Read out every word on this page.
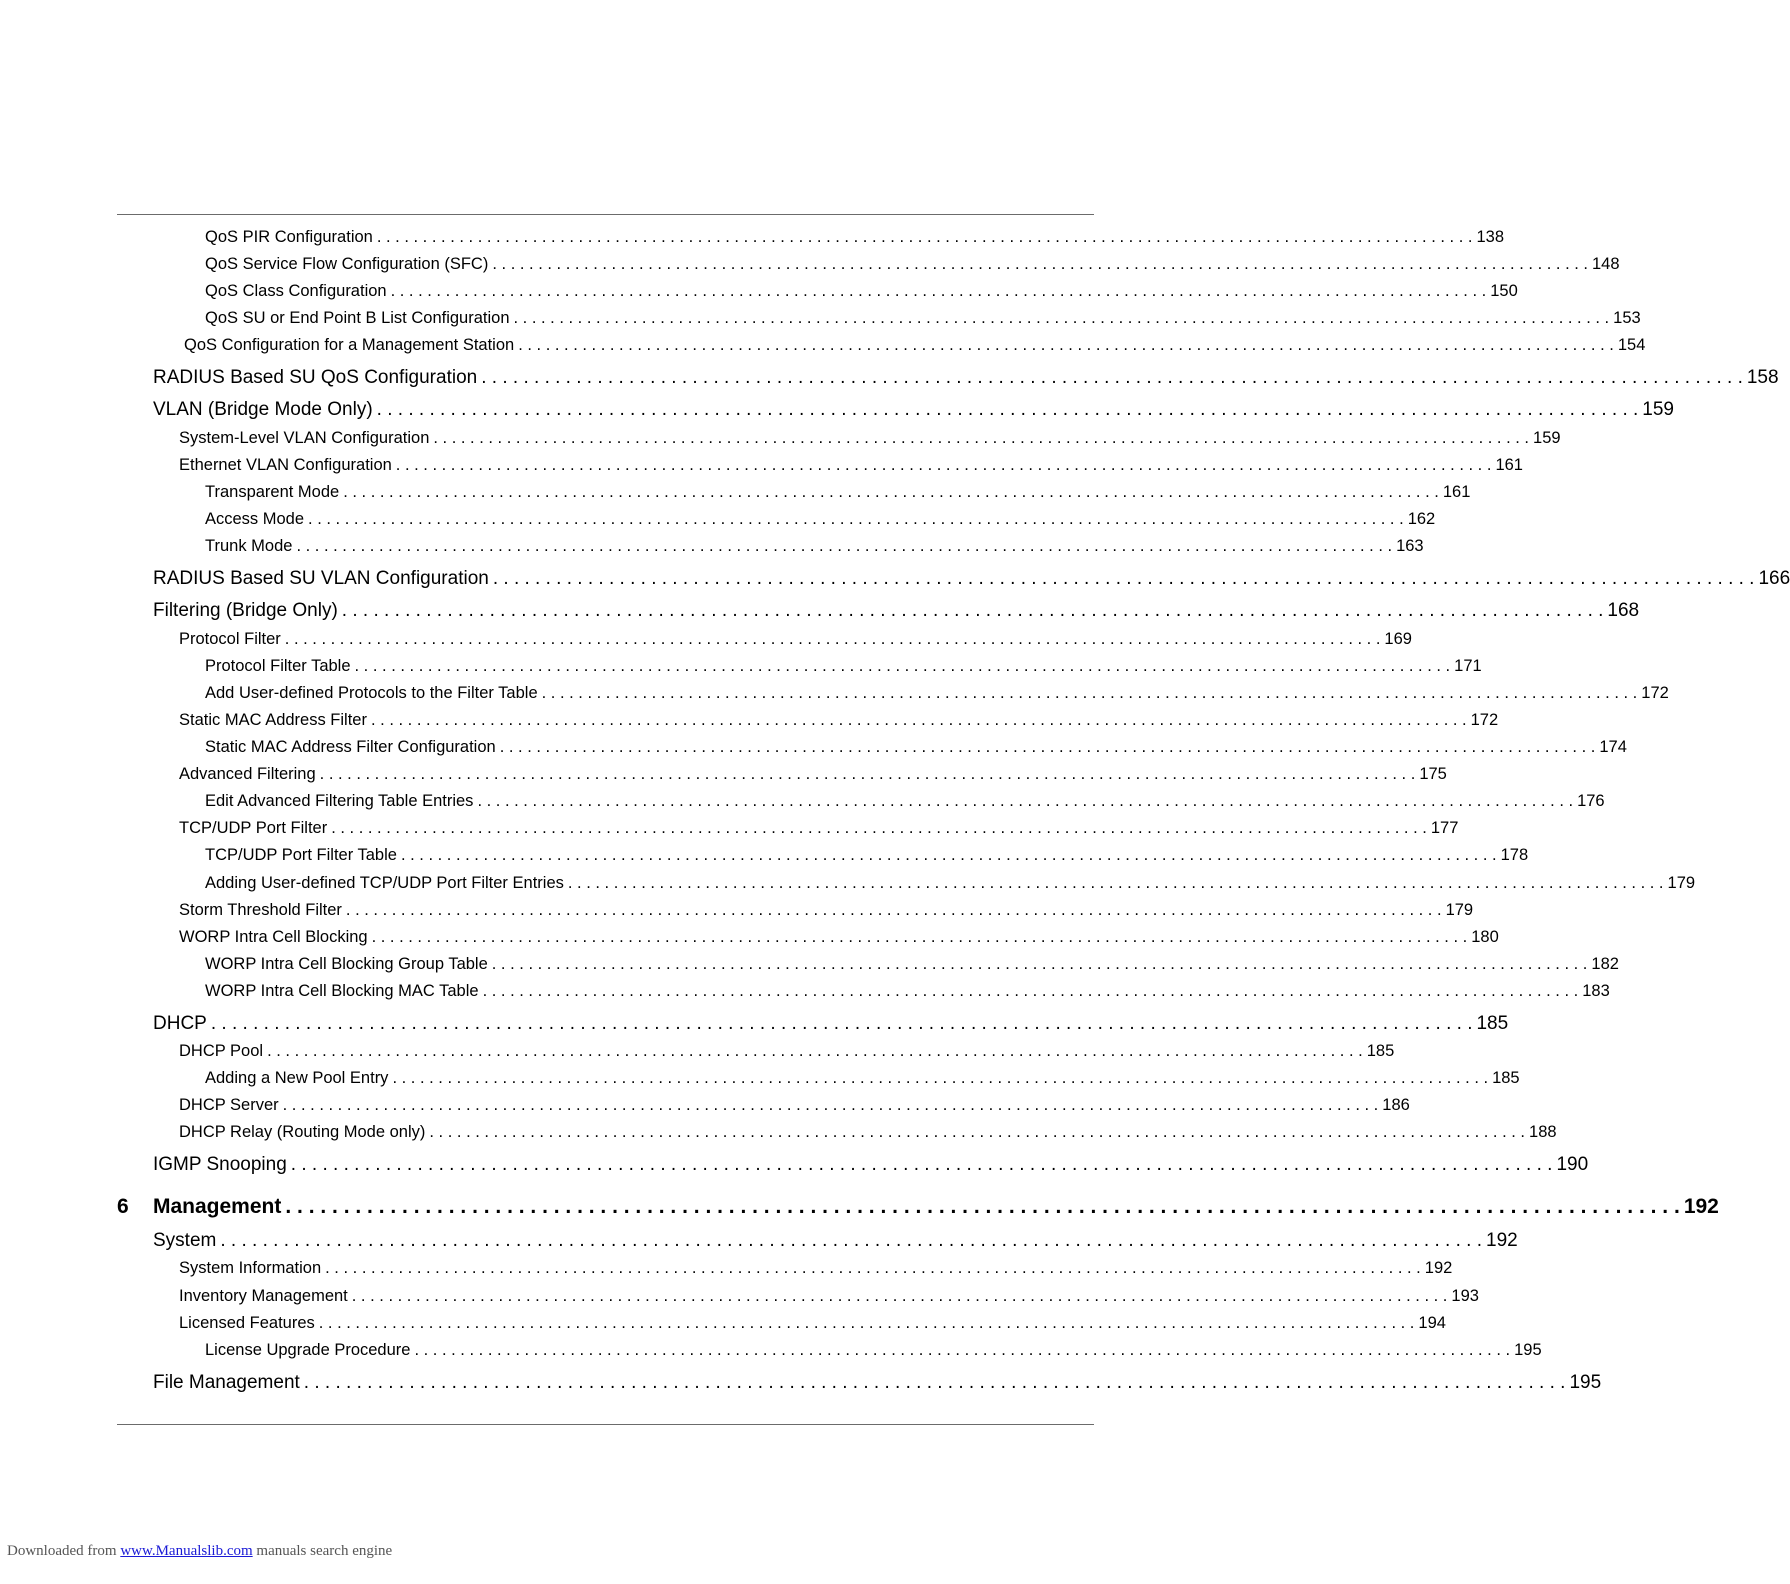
QoS PIR Configuration . . . . . . . . . . . . . . . . . . . . . . . . . . . . . . . . . . . . . . . . . . . . . . . . . . . . . . . . . . . . . . . . . . . . . . . . . . . . . . . . . . . . . . . . . . . . . . . . . . . . . . . . . . . . . . . . . . . . . . . . 138
QoS Service Flow Configuration (SFC) . . . . . . . . . . . . . . . . . . . . . . . . . . . . . . . . . . . . . . . . . . . . . . . . . . . . . . . . . . . . . . . . . . . . . . . . . . . . . . . . . . . . . . . . . . . . . . . . . . . . . . . . . . . . . . . . . . . . . . . . 148
QoS Class Configuration . . . . . . . . . . . . . . . . . . . . . . . . . . . . . . . . . . . . . . . . . . . . . . . . . . . . . . . . . . . . . . . . . . . . . . . . . . . . . . . . . . . . . . . . . . . . . . . . . . . . . . . . . . . . . . . . . . . . . . . . 150
QoS SU or End Point B List Configuration . . . . . . . . . . . . . . . . . . . . . . . . . . . . . . . . . . . . . . . . . . . . . . . . . . . . . . . . . . . . . . . . . . . . . . . . . . . . . . . . . . . . . . . . . . . . . . . . . . . . . . . . . . . . . . . . . . . . . . . . 153
QoS Configuration for a Management Station . . . . . . . . . . . . . . . . . . . . . . . . . . . . . . . . . . . . . . . . . . . . . . . . . . . . . . . . . . . . . . . . . . . . . . . . . . . . . . . . . . . . . . . . . . . . . . . . . . . . . . . . . . . . . . . . . . . . . . . . 154
RADIUS Based SU QoS Configuration . . . . . . . . . . . . . . . . . . . . . . . . . . . . . . . . . . . . . . . . . . . . . . . . . . . . . . . . . . . . . . . . . . . . . . . . . . . . . . . . . . . . . . . . . . . . . . . . . . . . . . . . . . . . . . . . . . . . . . . . 158
VLAN (Bridge Mode Only) . . . . . . . . . . . . . . . . . . . . . . . . . . . . . . . . . . . . . . . . . . . . . . . . . . . . . . . . . . . . . . . . . . . . . . . . . . . . . . . . . . . . . . . . . . . . . . . . . . . . . . . . . . . . . . . . . . . . . . . . 159
System-Level VLAN Configuration . . . . . . . . . . . . . . . . . . . . . . . . . . . . . . . . . . . . . . . . . . . . . . . . . . . . . . . . . . . . . . . . . . . . . . . . . . . . . . . . . . . . . . . . . . . . . . . . . . . . . . . . . . . . . . . . . . . . . . . . 159
Ethernet VLAN Configuration . . . . . . . . . . . . . . . . . . . . . . . . . . . . . . . . . . . . . . . . . . . . . . . . . . . . . . . . . . . . . . . . . . . . . . . . . . . . . . . . . . . . . . . . . . . . . . . . . . . . . . . . . . . . . . . . . . . . . . . . 161
Transparent Mode . . . . . . . . . . . . . . . . . . . . . . . . . . . . . . . . . . . . . . . . . . . . . . . . . . . . . . . . . . . . . . . . . . . . . . . . . . . . . . . . . . . . . . . . . . . . . . . . . . . . . . . . . . . . . . . . . . . . . . . . 161
Access Mode . . . . . . . . . . . . . . . . . . . . . . . . . . . . . . . . . . . . . . . . . . . . . . . . . . . . . . . . . . . . . . . . . . . . . . . . . . . . . . . . . . . . . . . . . . . . . . . . . . . . . . . . . . . . . . . . . . . . . . . . 162
Trunk Mode . . . . . . . . . . . . . . . . . . . . . . . . . . . . . . . . . . . . . . . . . . . . . . . . . . . . . . . . . . . . . . . . . . . . . . . . . . . . . . . . . . . . . . . . . . . . . . . . . . . . . . . . . . . . . . . . . . . . . . . . 163
RADIUS Based SU VLAN Configuration . . . . . . . . . . . . . . . . . . . . . . . . . . . . . . . . . . . . . . . . . . . . . . . . . . . . . . . . . . . . . . . . . . . . . . . . . . . . . . . . . . . . . . . . . . . . . . . . . . . . . . . . . . . . . . . . . . . . . . . . 166
Filtering (Bridge Only) . . . . . . . . . . . . . . . . . . . . . . . . . . . . . . . . . . . . . . . . . . . . . . . . . . . . . . . . . . . . . . . . . . . . . . . . . . . . . . . . . . . . . . . . . . . . . . . . . . . . . . . . . . . . . . . . . . . . . . . . 168
Protocol Filter . . . . . . . . . . . . . . . . . . . . . . . . . . . . . . . . . . . . . . . . . . . . . . . . . . . . . . . . . . . . . . . . . . . . . . . . . . . . . . . . . . . . . . . . . . . . . . . . . . . . . . . . . . . . . . . . . . . . . . . . 169
Protocol Filter Table . . . . . . . . . . . . . . . . . . . . . . . . . . . . . . . . . . . . . . . . . . . . . . . . . . . . . . . . . . . . . . . . . . . . . . . . . . . . . . . . . . . . . . . . . . . . . . . . . . . . . . . . . . . . . . . . . . . . . . . . 171
Add User-defined Protocols to the Filter Table . . . . . . . . . . . . . . . . . . . . . . . . . . . . . . . . . . . . . . . . . . . . . . . . . . . . . . . . . . . . . . . . . . . . . . . . . . . . . . . . . . . . . . . . . . . . . . . . . . . . . . . . . . . . . . . . . . . . . . . . 172
Static MAC Address Filter . . . . . . . . . . . . . . . . . . . . . . . . . . . . . . . . . . . . . . . . . . . . . . . . . . . . . . . . . . . . . . . . . . . . . . . . . . . . . . . . . . . . . . . . . . . . . . . . . . . . . . . . . . . . . . . . . . . . . . . . 172
Static MAC Address Filter Configuration . . . . . . . . . . . . . . . . . . . . . . . . . . . . . . . . . . . . . . . . . . . . . . . . . . . . . . . . . . . . . . . . . . . . . . . . . . . . . . . . . . . . . . . . . . . . . . . . . . . . . . . . . . . . . . . . . . . . . . . . 174
Advanced Filtering . . . . . . . . . . . . . . . . . . . . . . . . . . . . . . . . . . . . . . . . . . . . . . . . . . . . . . . . . . . . . . . . . . . . . . . . . . . . . . . . . . . . . . . . . . . . . . . . . . . . . . . . . . . . . . . . . . . . . . . . 175
Edit Advanced Filtering Table Entries . . . . . . . . . . . . . . . . . . . . . . . . . . . . . . . . . . . . . . . . . . . . . . . . . . . . . . . . . . . . . . . . . . . . . . . . . . . . . . . . . . . . . . . . . . . . . . . . . . . . . . . . . . . . . . . . . . . . . . . . 176
TCP/UDP Port Filter . . . . . . . . . . . . . . . . . . . . . . . . . . . . . . . . . . . . . . . . . . . . . . . . . . . . . . . . . . . . . . . . . . . . . . . . . . . . . . . . . . . . . . . . . . . . . . . . . . . . . . . . . . . . . . . . . . . . . . . . 177
TCP/UDP Port Filter Table . . . . . . . . . . . . . . . . . . . . . . . . . . . . . . . . . . . . . . . . . . . . . . . . . . . . . . . . . . . . . . . . . . . . . . . . . . . . . . . . . . . . . . . . . . . . . . . . . . . . . . . . . . . . . . . . . . . . . . . . 178
Adding User-defined TCP/UDP Port Filter Entries . . . . . . . . . . . . . . . . . . . . . . . . . . . . . . . . . . . . . . . . . . . . . . . . . . . . . . . . . . . . . . . . . . . . . . . . . . . . . . . . . . . . . . . . . . . . . . . . . . . . . . . . . . . . . . . . . . . . . . . . 179
Storm Threshold Filter . . . . . . . . . . . . . . . . . . . . . . . . . . . . . . . . . . . . . . . . . . . . . . . . . . . . . . . . . . . . . . . . . . . . . . . . . . . . . . . . . . . . . . . . . . . . . . . . . . . . . . . . . . . . . . . . . . . . . . . . 179
WORP Intra Cell Blocking . . . . . . . . . . . . . . . . . . . . . . . . . . . . . . . . . . . . . . . . . . . . . . . . . . . . . . . . . . . . . . . . . . . . . . . . . . . . . . . . . . . . . . . . . . . . . . . . . . . . . . . . . . . . . . . . . . . . . . . . 180
WORP Intra Cell Blocking Group Table . . . . . . . . . . . . . . . . . . . . . . . . . . . . . . . . . . . . . . . . . . . . . . . . . . . . . . . . . . . . . . . . . . . . . . . . . . . . . . . . . . . . . . . . . . . . . . . . . . . . . . . . . . . . . . . . . . . . . . . . 182
WORP Intra Cell Blocking MAC Table . . . . . . . . . . . . . . . . . . . . . . . . . . . . . . . . . . . . . . . . . . . . . . . . . . . . . . . . . . . . . . . . . . . . . . . . . . . . . . . . . . . . . . . . . . . . . . . . . . . . . . . . . . . . . . . . . . . . . . . . 183
DHCP . . . . . . . . . . . . . . . . . . . . . . . . . . . . . . . . . . . . . . . . . . . . . . . . . . . . . . . . . . . . . . . . . . . . . . . . . . . . . . . . . . . . . . . . . . . . . . . . . . . . . . . . . . . . . . . . . . . . . . . . 185
DHCP Pool . . . . . . . . . . . . . . . . . . . . . . . . . . . . . . . . . . . . . . . . . . . . . . . . . . . . . . . . . . . . . . . . . . . . . . . . . . . . . . . . . . . . . . . . . . . . . . . . . . . . . . . . . . . . . . . . . . . . . . . . 185
Adding a New Pool Entry . . . . . . . . . . . . . . . . . . . . . . . . . . . . . . . . . . . . . . . . . . . . . . . . . . . . . . . . . . . . . . . . . . . . . . . . . . . . . . . . . . . . . . . . . . . . . . . . . . . . . . . . . . . . . . . . . . . . . . . . 185
DHCP Server . . . . . . . . . . . . . . . . . . . . . . . . . . . . . . . . . . . . . . . . . . . . . . . . . . . . . . . . . . . . . . . . . . . . . . . . . . . . . . . . . . . . . . . . . . . . . . . . . . . . . . . . . . . . . . . . . . . . . . . . 186
DHCP Relay (Routing Mode only) . . . . . . . . . . . . . . . . . . . . . . . . . . . . . . . . . . . . . . . . . . . . . . . . . . . . . . . . . . . . . . . . . . . . . . . . . . . . . . . . . . . . . . . . . . . . . . . . . . . . . . . . . . . . . . . . . . . . . . . . 188
IGMP Snooping . . . . . . . . . . . . . . . . . . . . . . . . . . . . . . . . . . . . . . . . . . . . . . . . . . . . . . . . . . . . . . . . . . . . . . . . . . . . . . . . . . . . . . . . . . . . . . . . . . . . . . . . . . . . . . . . . . . . . . . . 190
6 Management . . . . . . . . . . . . . . . . . . . . . . . . . . . . . . . . . . . . . . . . . . . . . . . . . . . . . . . . . . . . . . . . . . . . . . . . . . . . . . . . . . . . . . . . . . . . . . . . . . . . . . . . . . . . . . . . . . . . . . . . 192
System . . . . . . . . . . . . . . . . . . . . . . . . . . . . . . . . . . . . . . . . . . . . . . . . . . . . . . . . . . . . . . . . . . . . . . . . . . . . . . . . . . . . . . . . . . . . . . . . . . . . . . . . . . . . . . . . . . . . . . . . 192
System Information . . . . . . . . . . . . . . . . . . . . . . . . . . . . . . . . . . . . . . . . . . . . . . . . . . . . . . . . . . . . . . . . . . . . . . . . . . . . . . . . . . . . . . . . . . . . . . . . . . . . . . . . . . . . . . . . . . . . . . . . 192
Inventory Management . . . . . . . . . . . . . . . . . . . . . . . . . . . . . . . . . . . . . . . . . . . . . . . . . . . . . . . . . . . . . . . . . . . . . . . . . . . . . . . . . . . . . . . . . . . . . . . . . . . . . . . . . . . . . . . . . . . . . . . . 193
Licensed Features . . . . . . . . . . . . . . . . . . . . . . . . . . . . . . . . . . . . . . . . . . . . . . . . . . . . . . . . . . . . . . . . . . . . . . . . . . . . . . . . . . . . . . . . . . . . . . . . . . . . . . . . . . . . . . . . . . . . . . . . 194
License Upgrade Procedure . . . . . . . . . . . . . . . . . . . . . . . . . . . . . . . . . . . . . . . . . . . . . . . . . . . . . . . . . . . . . . . . . . . . . . . . . . . . . . . . . . . . . . . . . . . . . . . . . . . . . . . . . . . . . . . . . . . . . . . . 195
File Management . . . . . . . . . . . . . . . . . . . . . . . . . . . . . . . . . . . . . . . . . . . . . . . . . . . . . . . . . . . . . . . . . . . . . . . . . . . . . . . . . . . . . . . . . . . . . . . . . . . . . . . . . . . . . . . . . . . . . . . . 195
Downloaded from www.Manualslib.com manuals search engine
